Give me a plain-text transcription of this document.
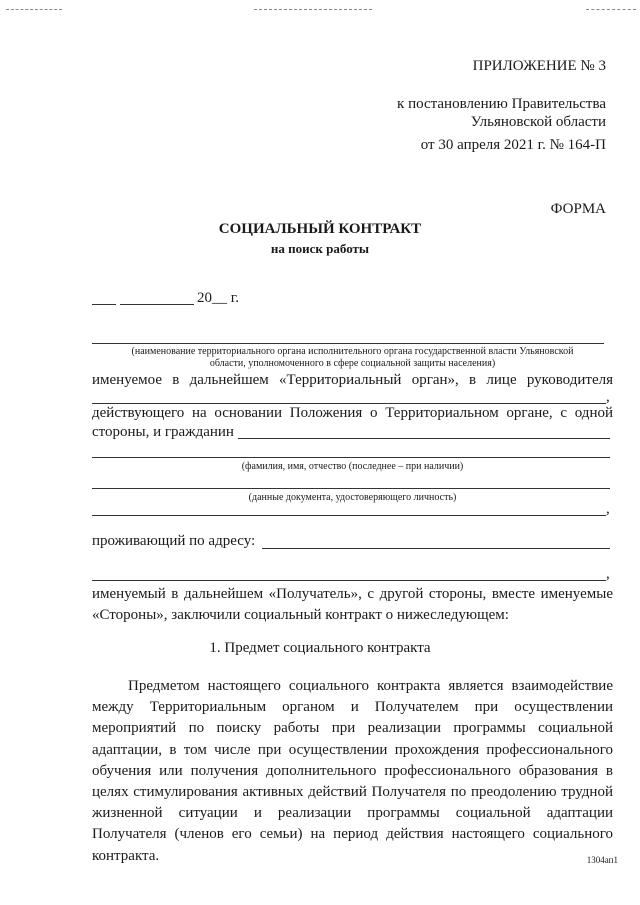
ПРИЛОЖЕНИЕ № 3
к постановлению Правительства
Ульяновской области
от 30 апреля 2021 г. № 164-П
ФОРМА
СОЦИАЛЬНЫЙ КОНТРАКТ
на поиск работы
20__ г.
(наименование территориального органа исполнительного органа государственной власти Ульяновской
области, уполномоченного в сфере социальной защиты населения)
именуемое в дальнейшем «Территориальный орган», в лице руководителя
,
действующего на основании Положения о Территориальном органе, с одной
стороны, и гражданин
(фамилия, имя, отчество (последнее – при наличии)
(данные документа, удостоверяющего личность)
,
проживающий по адресу:
,
именуемый в дальнейшем «Получатель», с другой стороны, вместе именуемые «Стороны», заключили социальный контракт о нижеследующем:
1. Предмет социального контракта
Предметом настоящего социального контракта является взаимодействие между Территориальным органом и Получателем при осуществлении мероприятий по поиску работы при реализации программы социальной адаптации, в том числе при осуществлении прохождения профессионального обучения или получения дополнительного профессионального образования в целях стимулирования активных действий Получателя по преодолению трудной жизненной ситуации и реализации программы социальной адаптации Получателя (членов его семьи) на период действия настоящего социального контракта.	1304ап1
